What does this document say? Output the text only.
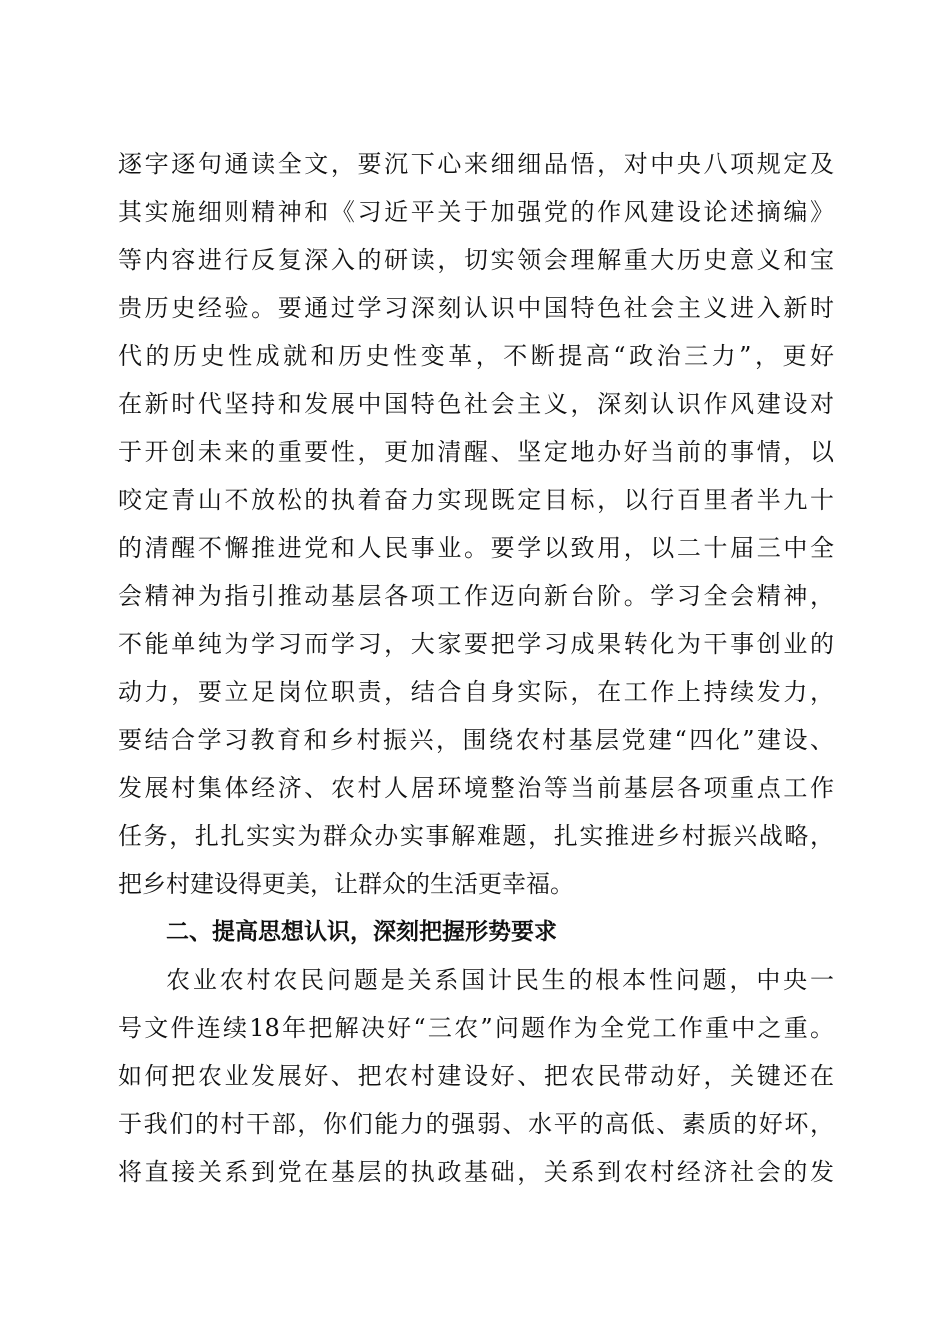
逐字逐句通读全文，要沉下心来细细品悟，对中央八项规定及
其实施细则精神和《习近平关于加强党的作风建设论述摘编》
等内容进行反复深入的研读，切实领会理解重大历史意义和宝
贵历史经验。要通过学习深刻认识中国特色社会主义进入新时
代的历史性成就和历史性变革，不断提高“政治三力”，更好
在新时代坚持和发展中国特色社会主义，深刻认识作风建设对
于开创未来的重要性，更加清醒、坚定地办好当前的事情，以
咬定青山不放松的执着奋力实现既定目标，以行百里者半九十
的清醒不懈推进党和人民事业。要学以致用，以二十届三中全
会精神为指引推动基层各项工作迈向新台阶。学习全会精神，
不能单纯为学习而学习，大家要把学习成果转化为干事创业的
动力，要立足岗位职责，结合自身实际，在工作上持续发力，
要结合学习教育和乡村振兴，围绕农村基层党建“四化”建设、
发展村集体经济、农村人居环境整治等当前基层各项重点工作
任务，扎扎实实为群众办实事解难题，扎实推进乡村振兴战略，
把乡村建设得更美，让群众的生活更幸福。
二、提高思想认识，深刻把握形势要求
农业农村农民问题是关系国计民生的根本性问题，中央一
号文件连续18年把解决好“三农”问题作为全党工作重中之重。
如何把农业发展好、把农村建设好、把农民带动好，关键还在
于我们的村干部，你们能力的强弱、水平的高低、素质的好坏，
将直接关系到党在基层的执政基础，关系到农村经济社会的发
